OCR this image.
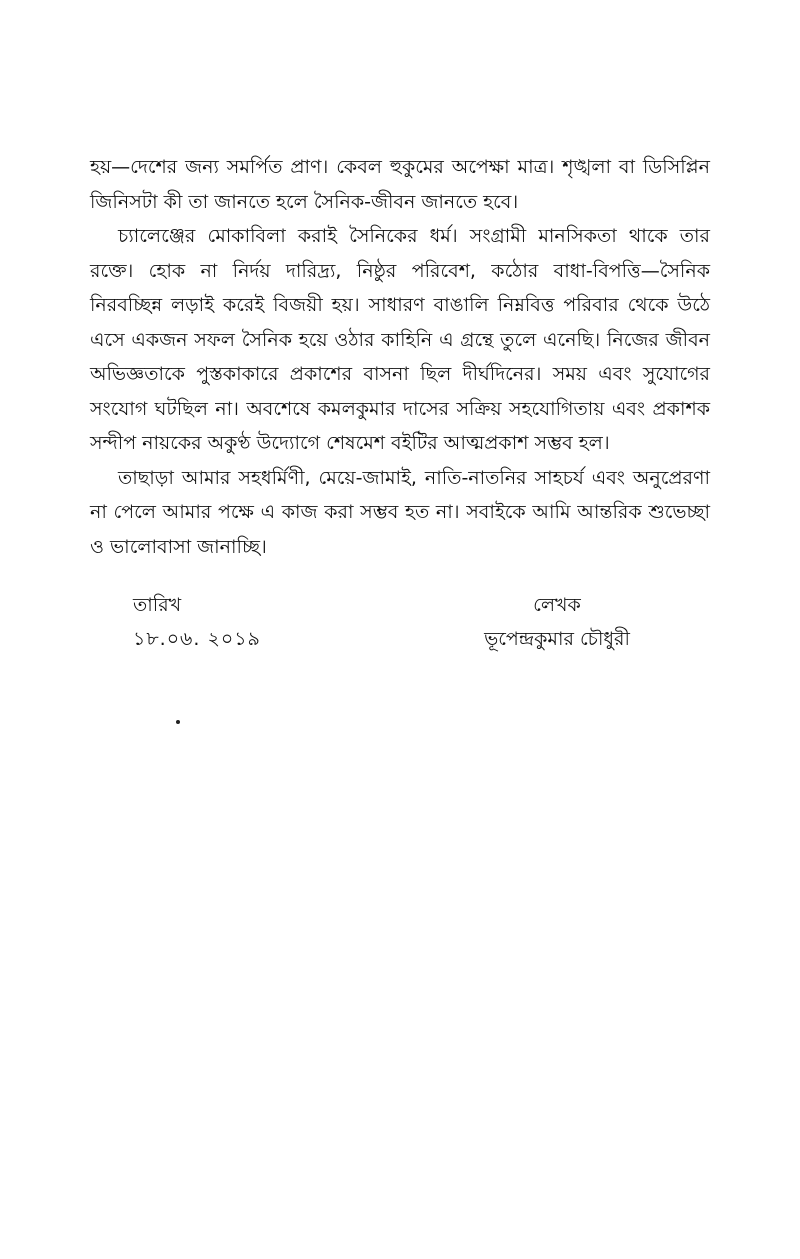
হয়—দেশের জন্য সমর্পিত প্রাণ। কেবল হুকুমের অপেক্ষা মাত্র। শৃঙ্খলা বা ডিসিপ্লিন জিনিসটা কী তা জানতে হলে সৈনিক-জীবন জানতে হবে।

চ্যালেঞ্জের মোকাবিলা করাই সৈনিকের ধর্ম। সংগ্রামী মানসিকতা থাকে তার রক্তে। হোক না নির্দয় দারিদ্র্য, নিষ্ঠুর পরিবেশ, কঠোর বাধা-বিপত্তি—সৈনিক নিরবচ্ছিন্ন লড়াই করেই বিজয়ী হয়। সাধারণ বাঙালি নিম্নবিত্ত পরিবার থেকে উঠে এসে একজন সফল সৈনিক হয়ে ওঠার কাহিনি এ গ্রন্থে তুলে এনেছি। নিজের জীবন অভিজ্ঞতাকে পুস্তকাকারে প্রকাশের বাসনা ছিল দীর্ঘদিনের। সময় এবং সুযোগের সংযোগ ঘটছিল না। অবশেষে কমলকুমার দাসের সক্রিয় সহযোগিতায় এবং প্রকাশক সন্দীপ নায়কের অকুণ্ঠ উদ্যোগে শেষমেশ বইটির আত্মপ্রকাশ সম্ভব হল।

তাছাড়া আমার সহধর্মিণী, মেয়ে-জামাই, নাতি-নাতনির সাহচর্য এবং অনুপ্রেরণা না পেলে আমার পক্ষে এ কাজ করা সম্ভব হত না। সবাইকে আমি আন্তরিক শুভেচ্ছা ও ভালোবাসা জানাচ্ছি।

তারিখ
১৮.০৬. ২০১৯
লেখক
ভূপেন্দ্রকুমার চৌধুরী
